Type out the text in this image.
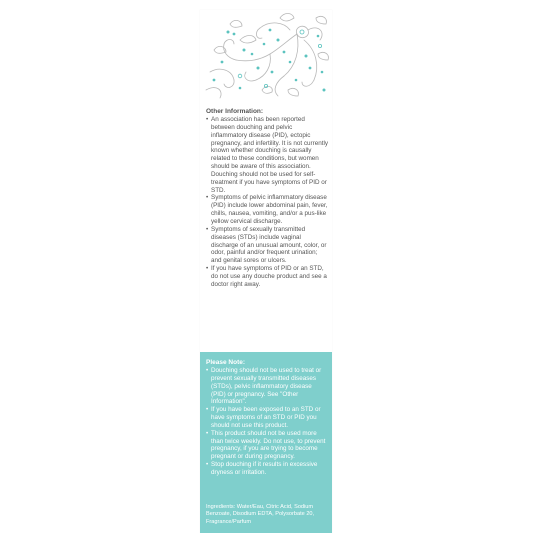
Other Information:

• An association has been reported between douching and pelvic inflammatory disease (PID), ectopic pregnancy, and infertility. It is not currently known whether douching is causally related to these conditions, but women should be aware of this association. Douching should not be used for self-treatment if you have symptoms of PID or STD.
• Symptoms of pelvic inflammatory disease (PID) include lower abdominal pain, fever, chills, nausea, vomiting, and/or a pus-like yellow cervical discharge.
• Symptoms of sexually transmitted diseases (STDs) include vaginal discharge of an unusual amount, color, or odor, painful and/or frequent urination; and genital sores or ulcers.
• If you have symptoms of PID or an STD, do not use any douche product and see a doctor right away.

Please Note:

• Douching should not be used to treat or prevent sexually transmitted diseases (STDs), pelvic inflammatory disease (PID) or pregnancy. See "Other Information".
• If you have been exposed to an STD or have symptoms of an STD or PID you should not use this product.
• This product should not be used more than twice weekly. Do not use, to prevent pregnancy, if you are trying to become pregnant or during pregnancy.
• Stop douching if it results in excessive dryness or irritation.
Ingredients: Water/Eau, Citric Acid, Sodium Benzoate, Disodium EDTA, Polysorbate 20, Fragrance/Parfum
